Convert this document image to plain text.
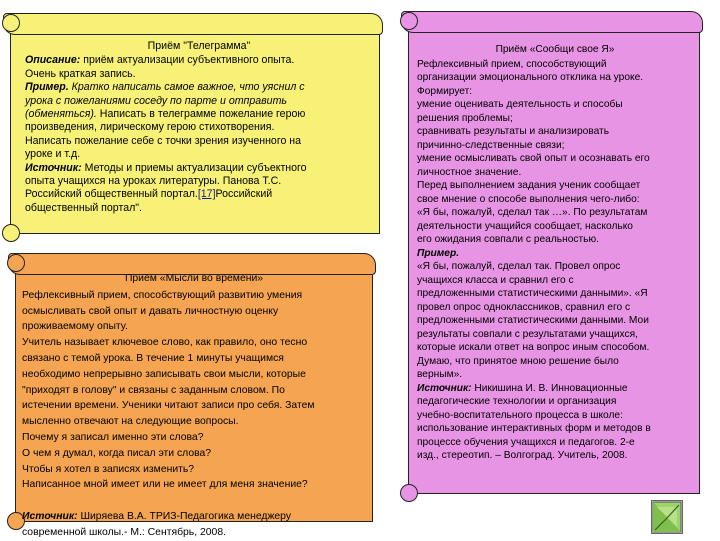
Приём "Телеграмма"
Описание: приём актуализации субъективного опыта.
Очень краткая запись.
Пример. Кратко написать самое важное, что уяснил с
урока с пожеланиями соседу по парте и отправить
(обменяться). Написать в телеграмме пожелание герою
произведения, лирическому герою стихотворения.
Написать пожелание себе с точки зрения изученного на
уроке и т.д.
Источник: Методы и приемы актуализации субъектного
опыта учащихся на уроках литературы. Панова Т.С.
Российский общественный портал.[17]Российский
общественный портал".
Приём «Мысли во времени»
Рефлексивный прием, способствующий развитию умения
осмысливать свой опыт и давать личностную оценку
проживаемому опыту.
Учитель называет ключевое слово, как правило, оно тесно
связано с темой урока. В течение 1 минуты учащимся
необходимо непрерывно записывать свои мысли, которые
"приходят в голову" и связаны с заданным словом. По
истечении времени. Ученики читают записи про себя. Затем
мысленно отвечают на следующие вопросы.
Почему я записал именно эти слова?
О чем я думал, когда писал эти слова?
Чтобы я хотел в записях изменить?
Написанное мной имеет или не имеет для меня значение?
Источник: Ширяева В.А. ТРИЗ-Педагогика менеджеру
современной школы.- М.: Сентябрь, 2008.
Приём «Сообщи свое Я»
Рефлексивный прием, способствующий
организации эмоционального отклика на уроке.
Формирует:
умение оценивать деятельность и способы
решения проблемы;
сравнивать результаты и анализировать
причинно-следственные связи;
умение осмысливать свой опыт и осознавать его
личностное значение.
Перед выполнением задания ученик сообщает
свое мнение о способе выполнения чего-либо:
«Я бы, пожалуй, сделал так …». По результатам
деятельности учащийся сообщает, насколько
его ожидания совпали с реальностью.
Пример.
«Я бы, пожалуй, сделал так. Провел опрос
учащихся класса и сравнил его с
предложенными статистическими данными». «Я
провел опрос одноклассников, сравнил его с
предложенными статистическими данными. Мои
результаты совпали с результатами учащихся,
которые искали ответ на вопрос иным способом.
Думаю, что принятое мною решение было
верным».
Источник: Никишина И. В. Инновационные
педагогические технологии и организация
учебно-воспитательного процесса в школе:
использование интерактивных форм и методов в
процессе обучения учащихся и педагогов. 2-е
изд., стереотип. – Волгоград. Учитель, 2008.
